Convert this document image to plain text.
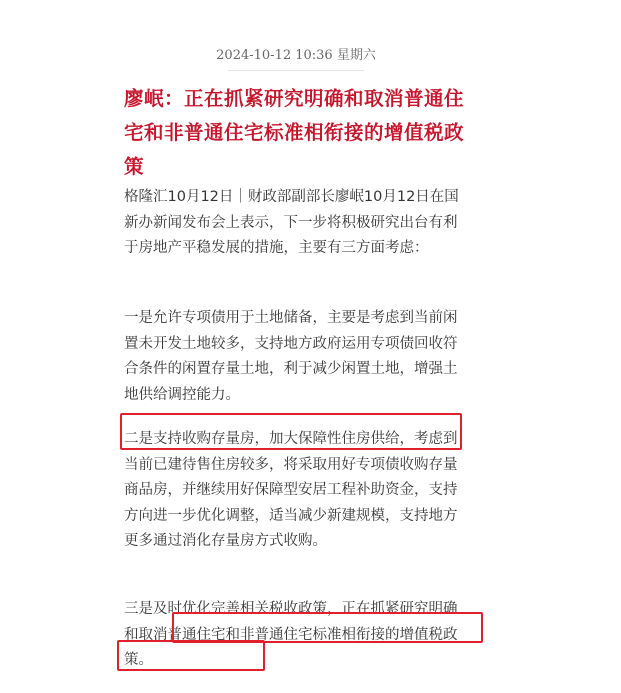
2024-10-12 10:36 星期六
廖岷：正在抓紧研究明确和取消普通住宅和非普通住宅标准相衔接的增值税政策
格隆汇10月12日｜财政部副部长廖岷10月12日在国新办新闻发布会上表示，下一步将积极研究出台有利于房地产平稳发展的措施，主要有三方面考虑：
一是允许专项债用于土地储备，主要是考虑到当前闲置未开发土地较多，支持地方政府运用专项债回收符合条件的闲置存量土地，利于减少闲置土地，增强土地供给调控能力。
二是支持收购存量房，加大保障性住房供给，考虑到当前已建待售住房较多，将采取用好专项债收购存量商品房，并继续用好保障型安居工程补助资金，支持方向进一步优化调整，适当减少新建规模，支持地方更多通过消化存量房方式收购。
三是及时优化完善相关税收政策，正在抓紧研究明确和取消普通住宅和非普通住宅标准相衔接的增值税政策。
